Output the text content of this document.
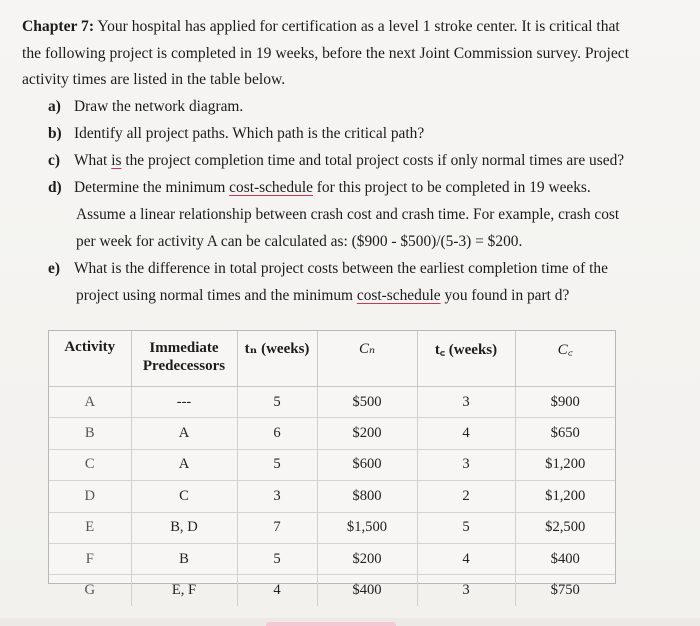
Chapter 7: Your hospital has applied for certification as a level 1 stroke center. It is critical that
the following project is completed in 19 weeks, before the next Joint Commission survey. Project
activity times are listed in the table below.
a) Draw the network diagram.
b) Identify all project paths. Which path is the critical path?
c) What is the project completion time and total project costs if only normal times are used?
d) Determine the minimum cost-schedule for this project to be completed in 19 weeks.
Assume a linear relationship between crash cost and crash time. For example, crash cost
per week for activity A can be calculated as: ($900 - $500)/(5-3) = $200.
e) What is the difference in total project costs between the earliest completion time of the
project using normal times and the minimum cost-schedule you found in part d?
Activity	Immediate
Predecessors	tₙ (weeks)	Cₙ	t꜀ (weeks)	C꜀
A	---	5	$500	3	$900
B	A	6	$200	4	$650
C	A	5	$600	3	$1,200
D	C	3	$800	2	$1,200
E	B, D	7	$1,500	5	$2,500
F	B	5	$200	4	$400
G	E, F	4	$400	3	$750
